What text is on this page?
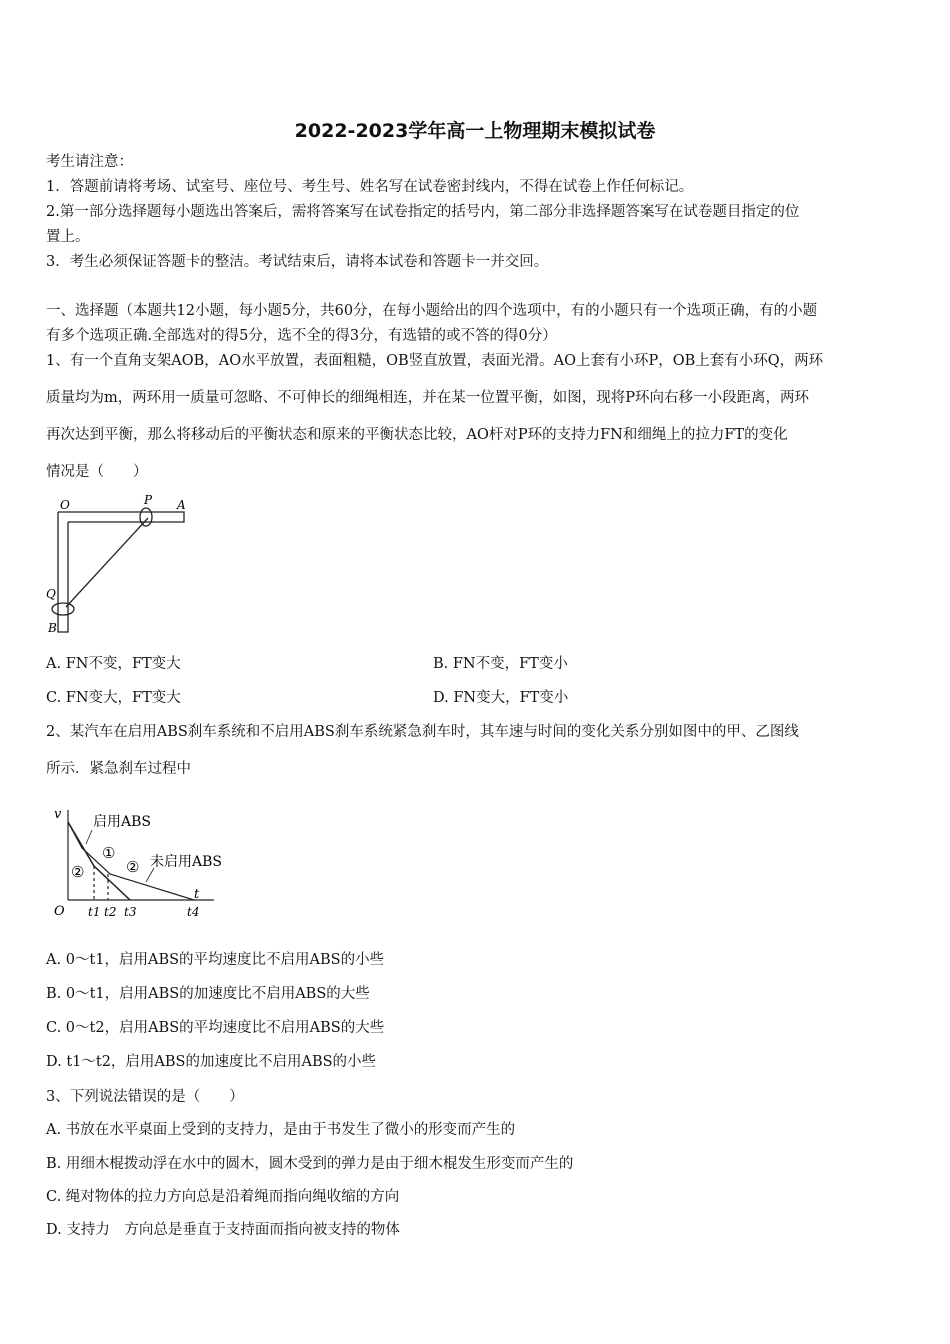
2022-2023学年高一上物理期末模拟试卷
考生请注意：
1．答题前请将考场、试室号、座位号、考生号、姓名写在试卷密封线内，不得在试卷上作任何标记。
2.第一部分选择题每小题选出答案后，需将答案写在试卷指定的括号内，第二部分非选择题答案写在试卷题目指定的位
置上。
3．考生必须保证答题卡的整洁。考试结束后，请将本试卷和答题卡一并交回。
一、选择题（本题共12小题，每小题5分，共60分，在每小题给出的四个选项中，有的小题只有一个选项正确，有的小题
有多个选项正确.全部选对的得5分，选不全的得3分，有选错的或不答的得0分）
1、有一个直角支架AOB，AO水平放置，表面粗糙，OB竖直放置，表面光滑。AO上套有小环P，OB上套有小环Q，两环
质量均为m，两环用一质量可忽略、不可伸长的细绳相连，并在某一位置平衡，如图，现将P环向右移一小段距离，两环
再次达到平衡，那么将移动后的平衡状态和原来的平衡状态比较，AO杆对P环的支持力FN和细绳上的拉力FT的变化
情况是（　　）
O	P A
Q
B
A. FN不变，FT变大	B. FN不变，FT变小
C. FN变大，FT变大	D. FN变大，FT变小
2、某汽车在启用ABS刹车系统和不启用ABS刹车系统紧急刹车时，其车速与时间的变化关系分别如图中的甲、乙图线
所示．紧急刹车过程中
v
t
O
启用ABS
未启用ABS
①
②	②
t1 t2 t3	t4
A. 0～t1，启用ABS的平均速度比不启用ABS的小些
B. 0～t1，启用ABS的加速度比不启用ABS的大些
C. 0～t2，启用ABS的平均速度比不启用ABS的大些
D. t1～t2，启用ABS的加速度比不启用ABS的小些
3、下列说法错误的是（　　）
A. 书放在水平桌面上受到的支持力，是由于书发生了微小的形变而产生的
B. 用细木棍拨动浮在水中的圆木，圆木受到的弹力是由于细木棍发生形变而产生的
C. 绳对物体的拉力方向总是沿着绳而指向绳收缩的方向
D. 支持力　方向总是垂直于支持面而指向被支持的物体
